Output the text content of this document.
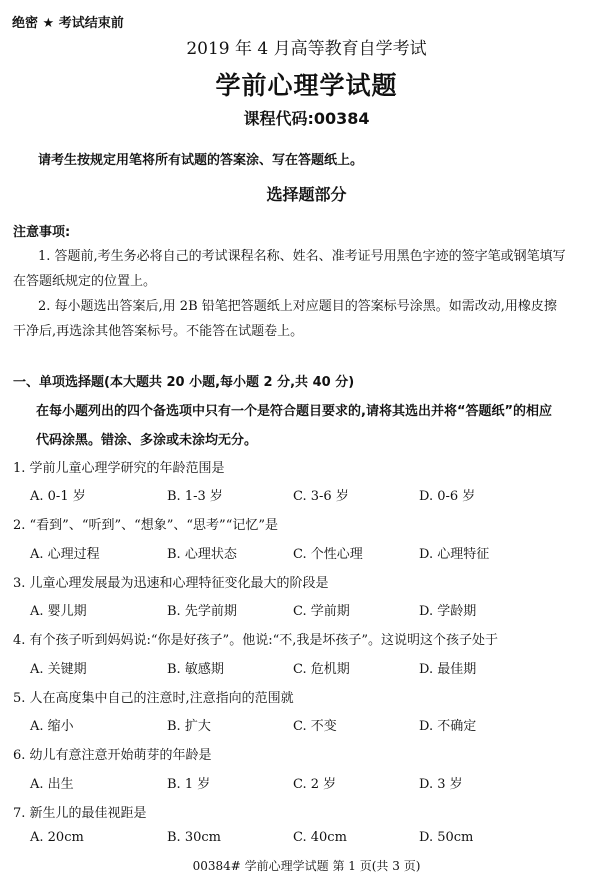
绝密 ★ 考试结束前
2019 年 4 月高等教育自学考试
学前心理学试题
课程代码:00384
请考生按规定用笔将所有试题的答案涂、写在答题纸上。
选择题部分
注意事项:
1. 答题前,考生务必将自己的考试课程名称、姓名、准考证号用黑色字迹的签字笔或钢笔填写
在答题纸规定的位置上。
2. 每小题选出答案后,用 2B 铅笔把答题纸上对应题目的答案标号涂黑。如需改动,用橡皮擦
干净后,再选涂其他答案标号。不能答在试题卷上。
一、单项选择题(本大题共 20 小题,每小题 2 分,共 40 分)
在每小题列出的四个备选项中只有一个是符合题目要求的,请将其选出并将“答题纸”的相应
代码涂黑。错涂、多涂或未涂均无分。
1. 学前儿童心理学研究的年龄范围是
A. 0-1 岁	B. 1-3 岁	C. 3-6 岁	D. 0-6 岁
2. “看到”、“听到”、“想象”、“思考”“记忆”是
A. 心理过程	B. 心理状态	C. 个性心理	D. 心理特征
3. 儿童心理发展最为迅速和心理特征变化最大的阶段是
A. 婴儿期	B. 先学前期	C. 学前期	D. 学龄期
4. 有个孩子听到妈妈说:“你是好孩子”。他说:“不,我是坏孩子”。这说明这个孩子处于
A. 关键期	B. 敏感期	C. 危机期	D. 最佳期
5. 人在高度集中自己的注意时,注意指向的范围就
A. 缩小	B. 扩大	C. 不变	D. 不确定
6. 幼儿有意注意开始萌芽的年龄是
A. 出生	B. 1 岁	C. 2 岁	D. 3 岁
7. 新生儿的最佳视距是
A. 20cm	B. 30cm	C. 40cm	D. 50cm
00384# 学前心理学试题 第 1 页(共 3 页)
